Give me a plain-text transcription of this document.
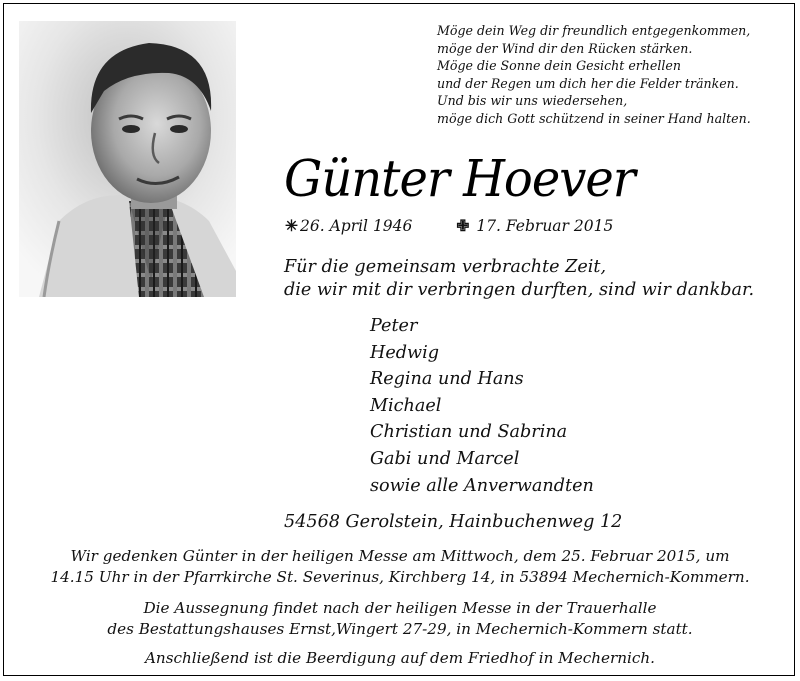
Möge dein Weg dir freundlich entgegenkommen,
möge der Wind dir den Rücken stärken.
Möge die Sonne dein Gesicht erhellen
und der Regen um dich her die Felder tränken.
Und bis wir uns wiedersehen,
möge dich Gott schützend in seiner Hand halten.
Günter Hoever
✳ 26. April 1946	✙ 17. Februar 2015
Für die gemeinsam verbrachte Zeit,
die wir mit dir verbringen durften, sind wir dankbar.
Peter
Hedwig
Regina und Hans
Michael
Christian und Sabrina
Gabi und Marcel
sowie alle Anverwandten
54568 Gerolstein, Hainbuchenweg 12
Wir gedenken Günter in der heiligen Messe am Mittwoch, dem 25. Februar 2015, um
14.15 Uhr in der Pfarrkirche St. Severinus, Kirchberg 14, in 53894 Mechernich-Kommern.
Die Aussegnung findet nach der heiligen Messe in der Trauerhalle
des Bestattungshauses Ernst,Wingert 27-29, in Mechernich-Kommern statt.
Anschließend ist die Beerdigung auf dem Friedhof in Mechernich.
